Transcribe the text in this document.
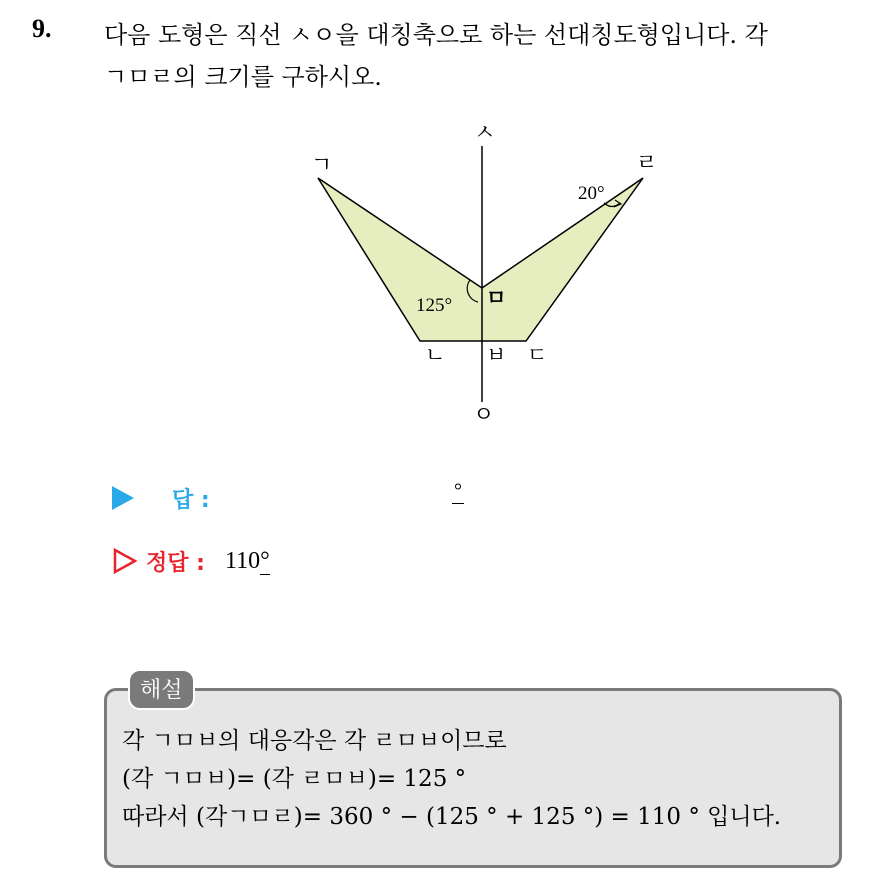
9. 다음 도형은 직선 ㅅㅇ을 대칭축으로 하는 선대칭도형입니다. 각
ㄱㅁㄹ의 크기를 구하시오.
ㅅ
ㄱ	ㄹ
20°
125° ㅁ
ㄴ ㅂ ㄷ
ㅇ
답 :	°
정답 : 110°
해설
각 ㄱㅁㅂ의 대응각은 각 ㄹㅁㅂ이므로
(각 ㄱㅁㅂ)= (각 ㄹㅁㅂ)= 125 °
따라서 (각ㄱㅁㄹ)= 360 ° − (125 ° + 125 °) = 110 ° 입니다.
